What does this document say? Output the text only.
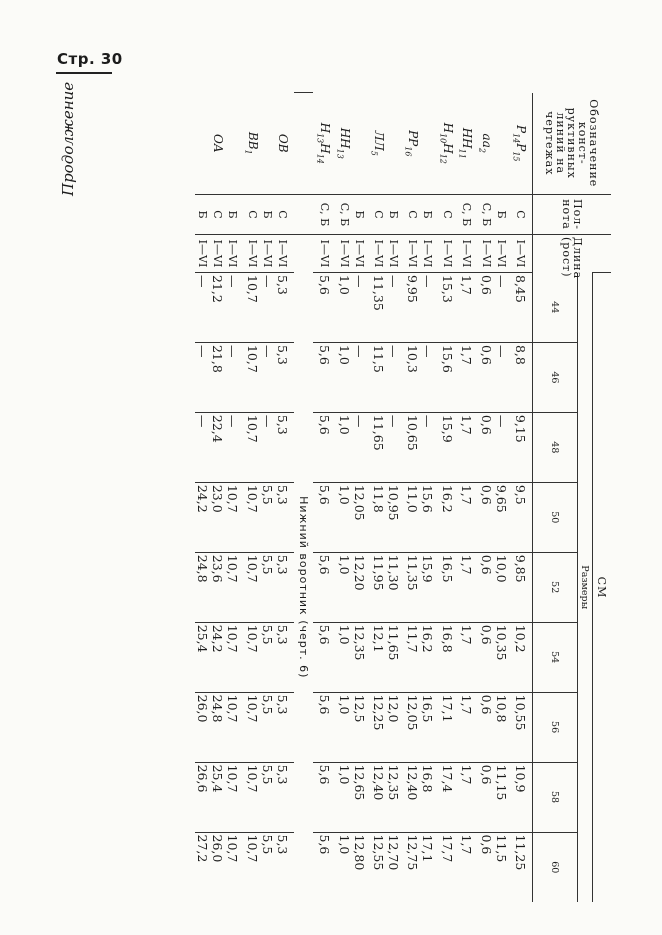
Стр. 30
Продолжение	Обозначение конст-руктивных линий на чертежах	Пол-нота	Длина (рост)	СМ								
			Размеры								
			44	46	48	50	52	54	56	58	60
$P_{14}P_{15}$	С	I—VI	8,45	8,8	9,15	9,5	9,85	10,2	10,55	10,9	11,25
	Б	I—VI	—	—	—	9,65	10,0	10,35	10,8	11,15	11,5
$aa_2$	С, Б	I—VI	0,6	0,6	0,6	0,6	0,6	0,6	0,6	0,6	0,6
$HH_{11}$	С, Б	I—VI	1,7	1,7	1,7	1,7	1,7	1,7	1,7	1,7	1,7
$H_{10}H_{12}$	С	I—VI	15,3	15,6	15,9	16,2	16,5	16,8	17,1	17,4	17,7
	Б	I—VI	—	—	—	15,6	15,9	16,2	16,5	16,8	17,1
$PP_{16}$	С	I—VI	9,95	10,3	10,65	11,0	11,35	11,7	12,05	12,40	12,75
	Б	I—VI	—	—	—	10,95	11,30	11,65	12,0	12,35	12,70
$ЛЛ_5$	С	I—VI	11,35	11,5	11,65	11,8	11,95	12,1	12,25	12,40	12,55
	Б	I—VI	—	—	—	12,05	12,20	12,35	12,5	12,65	12,80
$HH_{13}$	С, Б	I—VI	1,0	1,0	1,0	1,0	1,0	1,0	1,0	1,0	1,0
$H_{13}H_{14}$	С, Б	I—VI	5,6	5,6	5,6	5,6	5,6	5,6	5,6	5,6	5,6
			Нижний воротник (черт. 6)								
OB	С	I—VI	5,3	5,3	5,3	5,3	5,3	5,3	5,3	5,3	5,3
	Б	I—VI	—	—	—	5,5	5,5	5,5	5,5	5,5	5,5
$BB_1$	С	I—VI	10,7	10,7	10,7	10,7	10,7	10,7	10,7	10,7	10,7
	Б	I—VI	—	—	—	10,7	10,7	10,7	10,7	10,7	10,7
OA	С	I—VI	21,2	21,8	22,4	23,0	23,6	24,2	24,8	25,4	26,0
	Б	I—VI	—	—	—	24,2	24,8	25,4	26,0	26,6	27,2
